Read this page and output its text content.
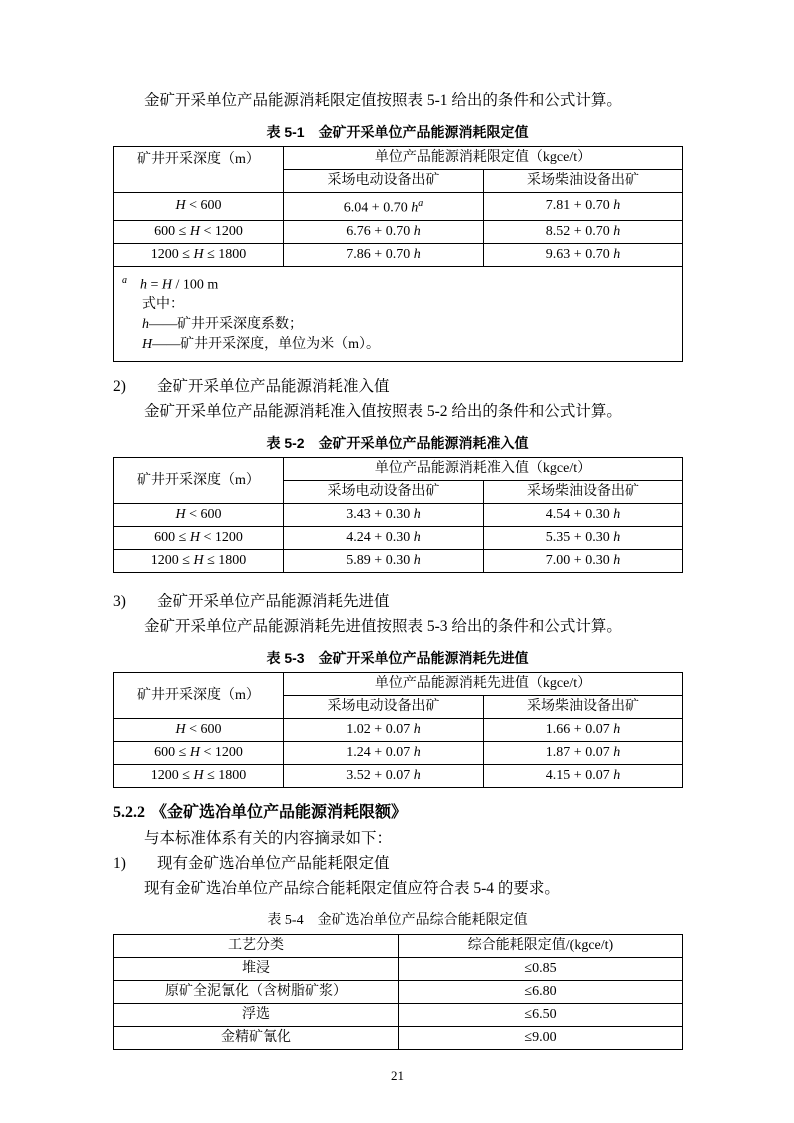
金矿开采单位产品能源消耗限定值按照表 5-1 给出的条件和公式计算。

表 5-1 金矿开采单位产品能源消耗限定值
矿井开采深度（m）	单位产品能源消耗限定值（kgce/t）	
	采场电动设备出矿	采场柴油设备出矿
H < 600	6.04 + 0.70 $h^a$	7.81 + 0.70 h
600 ≤ H < 1200	6.76 + 0.70 h	8.52 + 0.70 h
1200 ≤ H ≤ 1800	7.86 + 0.70 h	9.63 + 0.70 h

$^a$ h = H / 100 m
式中：
h——矿井开采深度系数；
H——矿井开采深度，单位为米（m）。		

2) 金矿开采单位产品能源消耗准入值

金矿开采单位产品能源消耗准入值按照表 5-2 给出的条件和公式计算。

表 5-2 金矿开采单位产品能源消耗准入值
矿井开采深度（m）	单位产品能源消耗准入值（kgce/t）	
	采场电动设备出矿	采场柴油设备出矿
H < 600	3.43 + 0.30 h	4.54 + 0.30 h
600 ≤ H < 1200	4.24 + 0.30 h	5.35 + 0.30 h
1200 ≤ H ≤ 1800	5.89 + 0.30 h	7.00 + 0.30 h

3) 金矿开采单位产品能源消耗先进值

金矿开采单位产品能源消耗先进值按照表 5-3 给出的条件和公式计算。

表 5-3 金矿开采单位产品能源消耗先进值
矿井开采深度（m）	单位产品能源消耗先进值（kgce/t）	
	采场电动设备出矿	采场柴油设备出矿
H < 600	1.02 + 0.07 h	1.66 + 0.07 h
600 ≤ H < 1200	1.24 + 0.07 h	1.87 + 0.07 h
1200 ≤ H ≤ 1800	3.52 + 0.07 h	4.15 + 0.07 h

5.2.2 《金矿选冶单位产品能源消耗限额》

与本标准体系有关的内容摘录如下：

1) 现有金矿选冶单位产品能耗限定值

现有金矿选冶单位产品综合能耗限定值应符合表 5-4 的要求。

表 5-4 金矿选冶单位产品综合能耗限定值
工艺分类	综合能耗限定值/(kgce/t)
堆浸	≤0.85
原矿全泥氰化（含树脂矿浆）	≤6.80
浮选	≤6.50
金精矿氰化	≤9.00
21
